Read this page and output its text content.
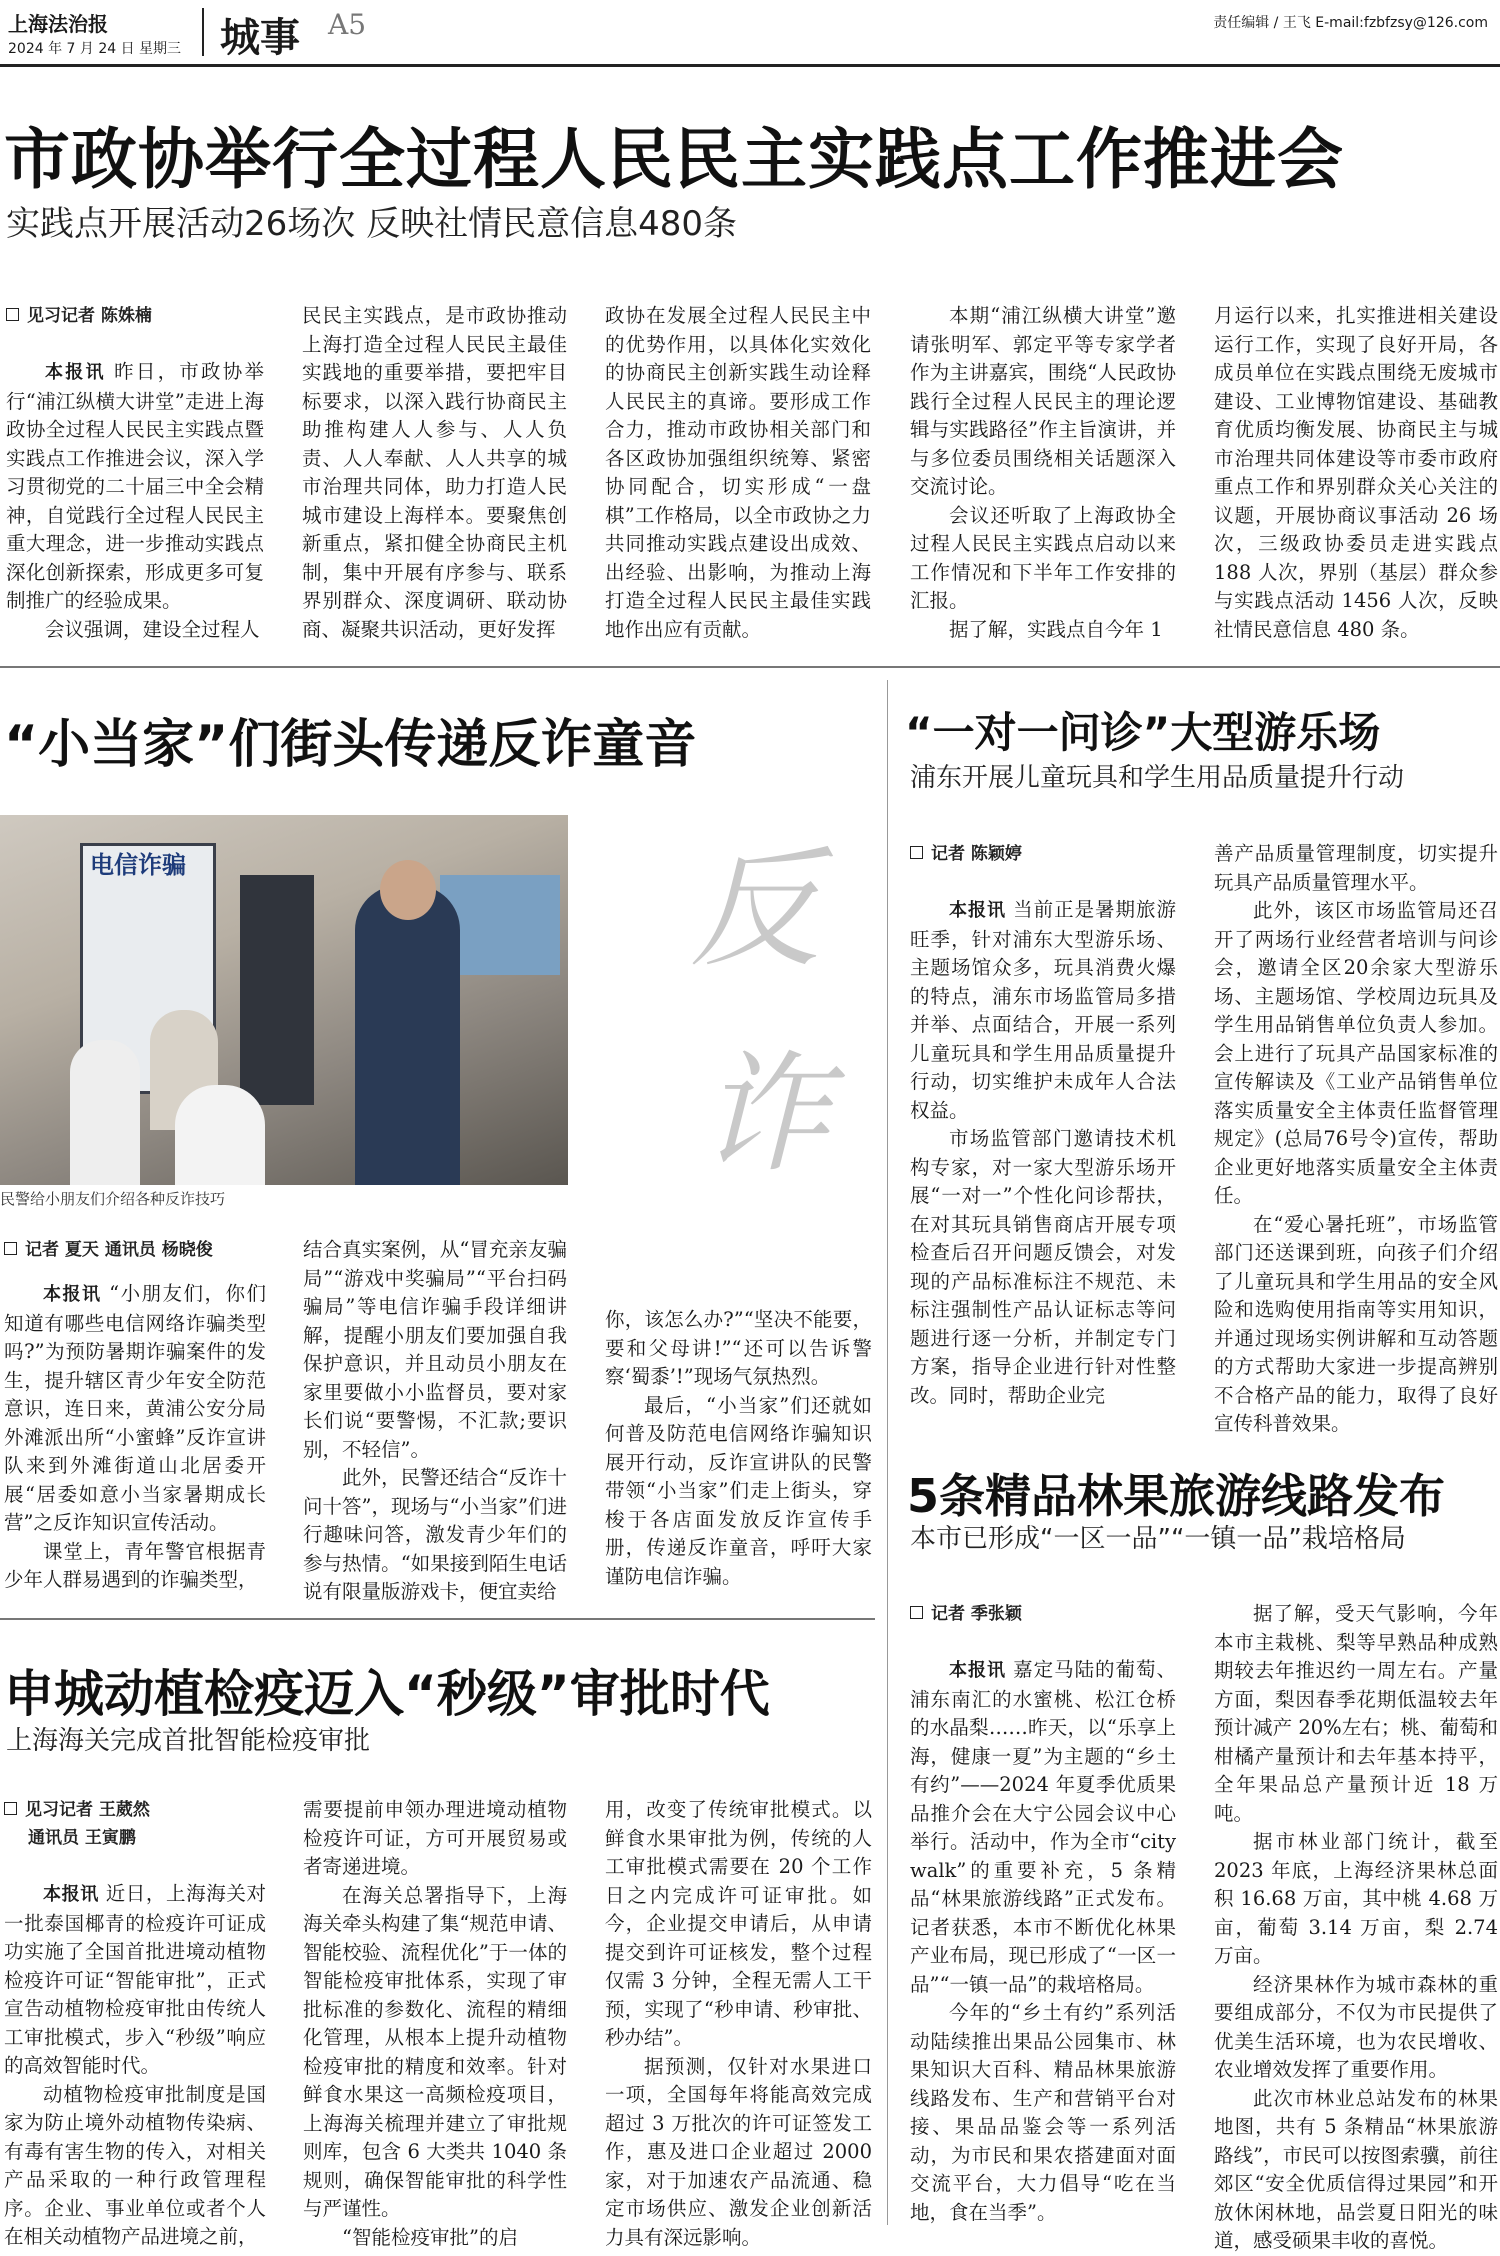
上海法治报
2024 年 7 月 24 日 星期三 城事 A5	责任编辑 / 王飞 E-mail:fzbfzsy@126.com
市政协举行全过程人民民主实践点工作推进会
实践点开展活动26场次 反映社情民意信息480条
见习记者 陈姝楠

本报讯 昨日，市政协举行“浦江纵横大讲堂”走进上海政协全过程人民民主实践点暨实践点工作推进会议，深入学习贯彻党的二十届三中全会精神，自觉践行全过程人民民主重大理念，进一步推动实践点深化创新探索，形成更多可复制推广的经验成果。

会议强调，建设全过程人

民民主实践点，是市政协推动上海打造全过程人民民主最佳实践地的重要举措，要把牢目标要求，以深入践行协商民主助推构建人人参与、人人负责、人人奉献、人人共享的城市治理共同体，助力打造人民城市建设上海样本。要聚焦创新重点，紧扣健全协商民主机制，集中开展有序参与、联系界别群众、深度调研、联动协商、凝聚共识活动，更好发挥

政协在发展全过程人民民主中的优势作用，以具体化实效化的协商民主创新实践生动诠释人民民主的真谛。要形成工作合力，推动市政协相关部门和各区政协加强组织统筹、紧密协同配合，切实形成“一盘棋”工作格局，以全市政协之力共同推动实践点建设出成效、出经验、出影响，为推动上海打造全过程人民民主最佳实践地作出应有贡献。

本期“浦江纵横大讲堂”邀请张明军、郭定平等专家学者作为主讲嘉宾，围绕“人民政协践行全过程人民民主的理论逻辑与实践路径”作主旨演讲，并与多位委员围绕相关话题深入交流讨论。

会议还听取了上海政协全过程人民民主实践点启动以来工作情况和下半年工作安排的汇报。

据了解，实践点自今年 1

月运行以来，扎实推进相关建设运行工作，实现了良好开局，各成员单位在实践点围绕无废城市建设、工业博物馆建设、基础教育优质均衡发展、协商民主与城市治理共同体建设等市委市政府重点工作和界别群众关心关注的议题，开展协商议事活动 26 场次，三级政协委员走进实践点 188 人次，界别（基层）群众参与实践点活动 1456 人次，反映社情民意信息 480 条。

“小当家”们街头传递反诈童音
电信诈骗
民警给小朋友们介绍各种反诈技巧
反
诈
记者 夏天 通讯员 杨晓俊

本报讯 “小朋友们，你们知道有哪些电信网络诈骗类型吗?”为预防暑期诈骗案件的发生，提升辖区青少年安全防范意识，连日来，黄浦公安分局外滩派出所“小蜜蜂”反诈宣讲队来到外滩街道山北居委开展“居委如意小当家暑期成长营”之反诈知识宣传活动。

课堂上，青年警官根据青少年人群易遇到的诈骗类型，

结合真实案例，从“冒充亲友骗局”“游戏中奖骗局”“平台扫码骗局”等电信诈骗手段详细讲解，提醒小朋友们要加强自我保护意识，并且动员小朋友在家里要做小小监督员，要对家长们说“要警惕，不汇款;要识别，不轻信”。

此外，民警还结合“反诈十问十答”，现场与“小当家”们进行趣味问答，激发青少年们的参与热情。“如果接到陌生电话说有限量版游戏卡，便宜卖给

你，该怎么办?”“坚决不能要，要和父母讲!”“还可以告诉警察‘蜀黍’!”现场气氛热烈。

最后，“小当家”们还就如何普及防范电信网络诈骗知识展开行动，反诈宣讲队的民警带领“小当家”们走上街头，穿梭于各店面发放反诈宣传手册，传递反诈童音，呼吁大家谨防电信诈骗。

“一对一问诊”大型游乐场
浦东开展儿童玩具和学生用品质量提升行动
记者 陈颖婷

本报讯 当前正是暑期旅游旺季，针对浦东大型游乐场、主题场馆众多，玩具消费火爆的特点，浦东市场监管局多措并举、点面结合，开展一系列儿童玩具和学生用品质量提升行动，切实维护未成年人合法权益。

市场监管部门邀请技术机构专家，对一家大型游乐场开展“一对一”个性化问诊帮扶，在对其玩具销售商店开展专项检查后召开问题反馈会，对发现的产品标准标注不规范、未标注强制性产品认证标志等问题进行逐一分析，并制定专门方案，指导企业进行针对性整改。同时，帮助企业完

善产品质量管理制度，切实提升玩具产品质量管理水平。

此外，该区市场监管局还召开了两场行业经营者培训与问诊会，邀请全区20余家大型游乐场、主题场馆、学校周边玩具及学生用品销售单位负责人参加。会上进行了玩具产品国家标准的宣传解读及《工业产品销售单位落实质量安全主体责任监督管理规定》(总局76号令)宣传，帮助企业更好地落实质量安全主体责任。

在“爱心暑托班”，市场监管部门还送课到班，向孩子们介绍了儿童玩具和学生用品的安全风险和选购使用指南等实用知识，并通过现场实例讲解和互动答题的方式帮助大家进一步提高辨别不合格产品的能力，取得了良好宣传科普效果。

5条精品林果旅游线路发布
本市已形成“一区一品”“一镇一品”栽培格局
记者 季张颖

本报讯 嘉定马陆的葡萄、浦东南汇的水蜜桃、松江仓桥的水晶梨……昨天，以“乐享上海，健康一夏”为主题的“乡土有约”——2024 年夏季优质果品推介会在大宁公园会议中心举行。活动中，作为全市“city walk”的重要补充，5 条精品“林果旅游线路”正式发布。记者获悉，本市不断优化林果产业布局，现已形成了“一区一品”“一镇一品”的栽培格局。

今年的“乡土有约”系列活动陆续推出果品公园集市、林果知识大百科、精品林果旅游线路发布、生产和营销平台对接、果品品鉴会等一系列活动，为市民和果农搭建面对面交流平台，大力倡导“吃在当地，食在当季”。

据了解，受天气影响，今年本市主栽桃、梨等早熟品种成熟期较去年推迟约一周左右。产量方面，梨因春季花期低温较去年预计减产 20%左右；桃、葡萄和柑橘产量预计和去年基本持平，全年果品总产量预计近 18 万吨。

据市林业部门统计，截至 2023 年底，上海经济果林总面积 16.68 万亩，其中桃 4.68 万亩，葡萄 3.14 万亩，梨 2.74 万亩。

经济果林作为城市森林的重要组成部分，不仅为市民提供了优美生活环境，也为农民增收、农业增效发挥了重要作用。

此次市林业总站发布的林果地图，共有 5 条精品“林果旅游路线”，市民可以按图索骥，前往郊区“安全优质信得过果园”和开放休闲林地，品尝夏日阳光的味道，感受硕果丰收的喜悦。

申城动植检疫迈入“秒级”审批时代
上海海关完成首批智能检疫审批
见习记者 王葳然
通讯员 王寅鹏

本报讯 近日，上海海关对一批泰国椰青的检疫许可证成功实施了全国首批进境动植物检疫许可证“智能审批”，正式宣告动植物检疫审批由传统人工审批模式，步入“秒级”响应的高效智能时代。

动植物检疫审批制度是国家为防止境外动植物传染病、有毒有害生物的传入，对相关产品采取的一种行政管理程序。企业、事业单位或者个人在相关动植物产品进境之前，

需要提前申领办理进境动植物检疫许可证，方可开展贸易或者寄递进境。

在海关总署指导下，上海海关牵头构建了集“规范申请、智能校验、流程优化”于一体的智能检疫审批体系，实现了审批标准的参数化、流程的精细化管理，从根本上提升动植物检疫审批的精度和效率。针对鲜食水果这一高频检疫项目，上海海关梳理并建立了审批规则库，包含 6 大类共 1040 条规则，确保智能审批的科学性与严谨性。

“智能检疫审批”的启

用，改变了传统审批模式。以鲜食水果审批为例，传统的人工审批模式需要在 20 个工作日之内完成许可证审批。如今，企业提交申请后，从申请提交到许可证核发，整个过程仅需 3 分钟，全程无需人工干预，实现了“秒申请、秒审批、秒办结”。

据预测，仅针对水果进口一项，全国每年将能高效完成超过 3 万批次的许可证签发工作，惠及进口企业超过 2000 家，对于加速农产品流通、稳定市场供应、激发企业创新活力具有深远影响。
